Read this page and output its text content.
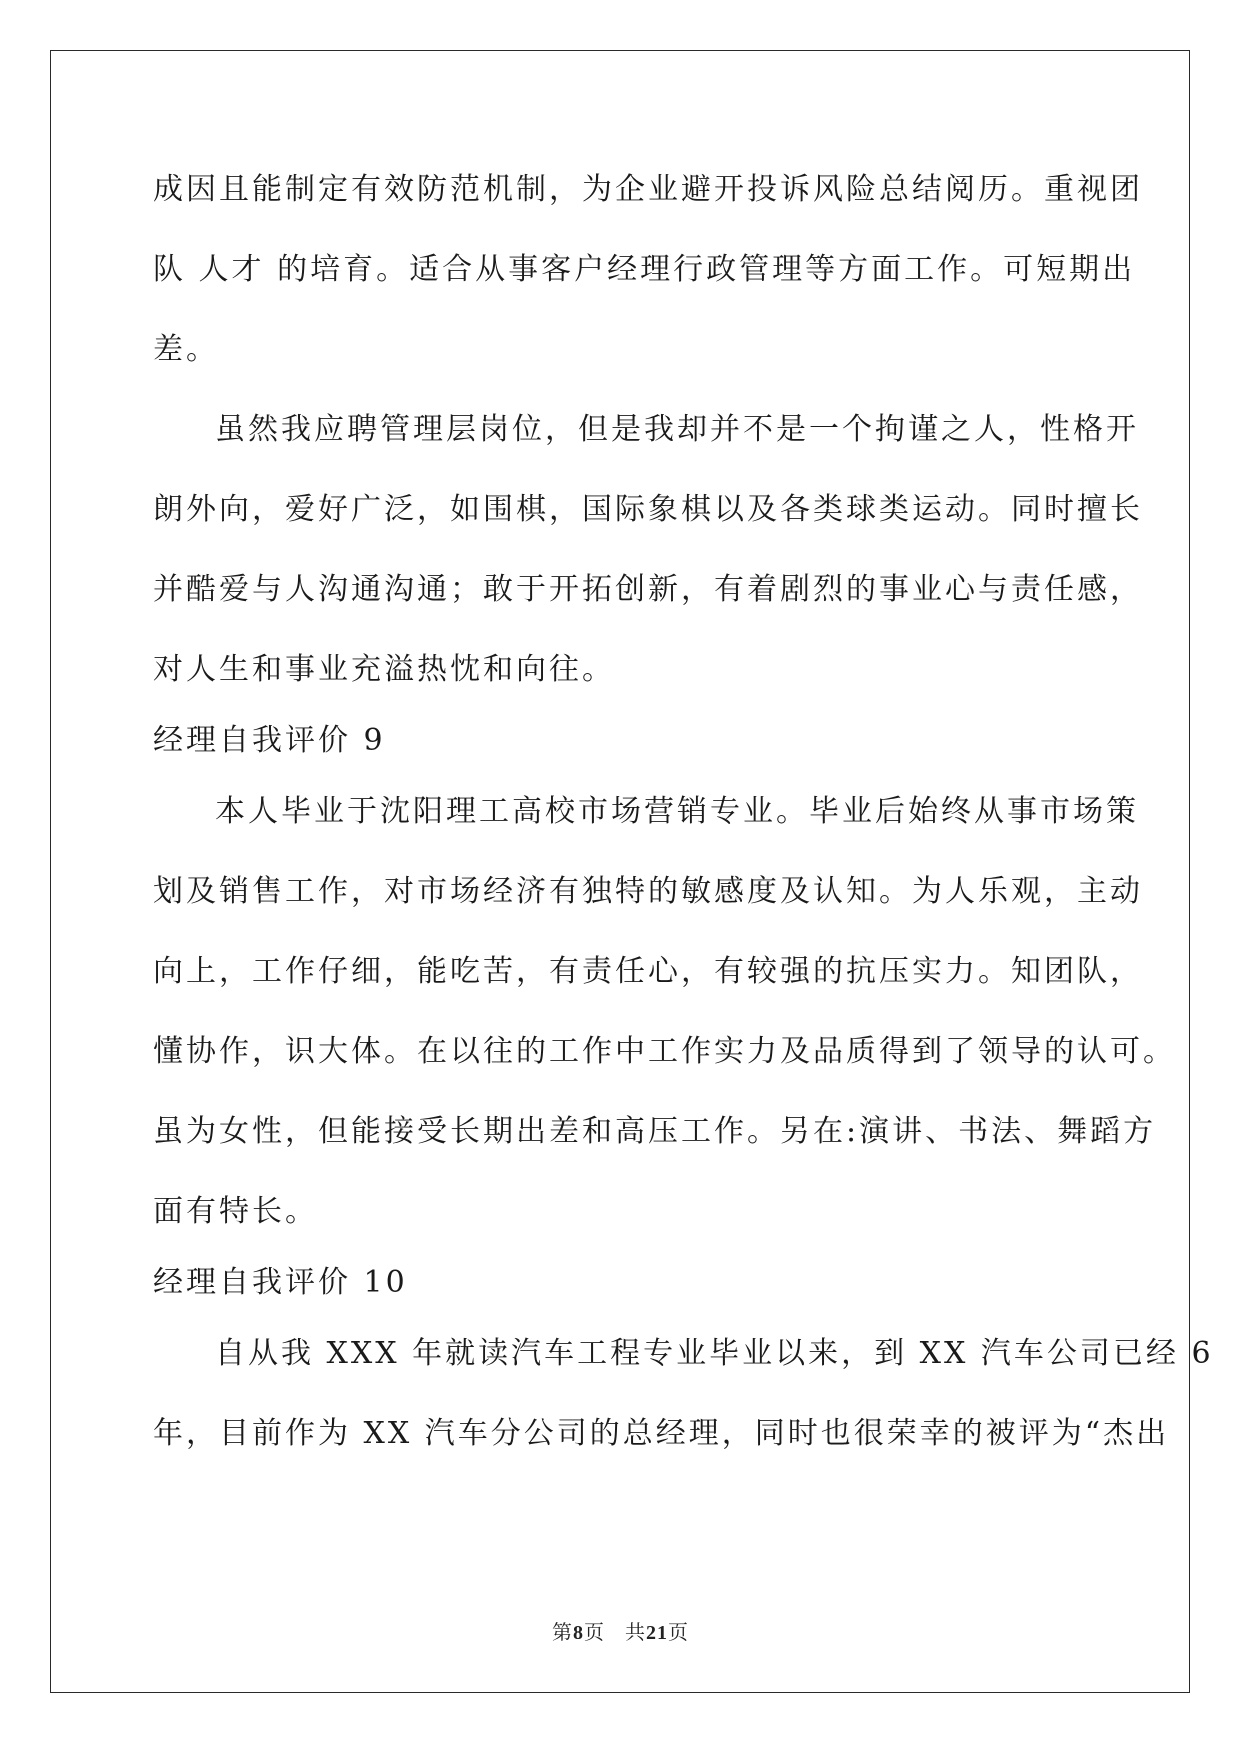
成因且能制定有效防范机制，为企业避开投诉风险总结阅历。重视团
队 人才 的培育。适合从事客户经理行政管理等方面工作。可短期出
差。
虽然我应聘管理层岗位，但是我却并不是一个拘谨之人，性格开
朗外向，爱好广泛，如围棋，国际象棋以及各类球类运动。同时擅长
并酷爱与人沟通沟通；敢于开拓创新，有着剧烈的事业心与责任感，
对人生和事业充溢热忱和向往。
经理自我评价 9
本人毕业于沈阳理工高校市场营销专业。毕业后始终从事市场策
划及销售工作，对市场经济有独特的敏感度及认知。为人乐观，主动
向上，工作仔细，能吃苦，有责任心，有较强的抗压实力。知团队，
懂协作，识大体。在以往的工作中工作实力及品质得到了领导的认可。
虽为女性，但能接受长期出差和高压工作。另在:演讲、书法、舞蹈方
面有特长。
经理自我评价 10
自从我 XXX 年就读汽车工程专业毕业以来，到 XX 汽车公司已经 6
年，目前作为 XX 汽车分公司的总经理，同时也很荣幸的被评为“杰出
第8页 共21页
